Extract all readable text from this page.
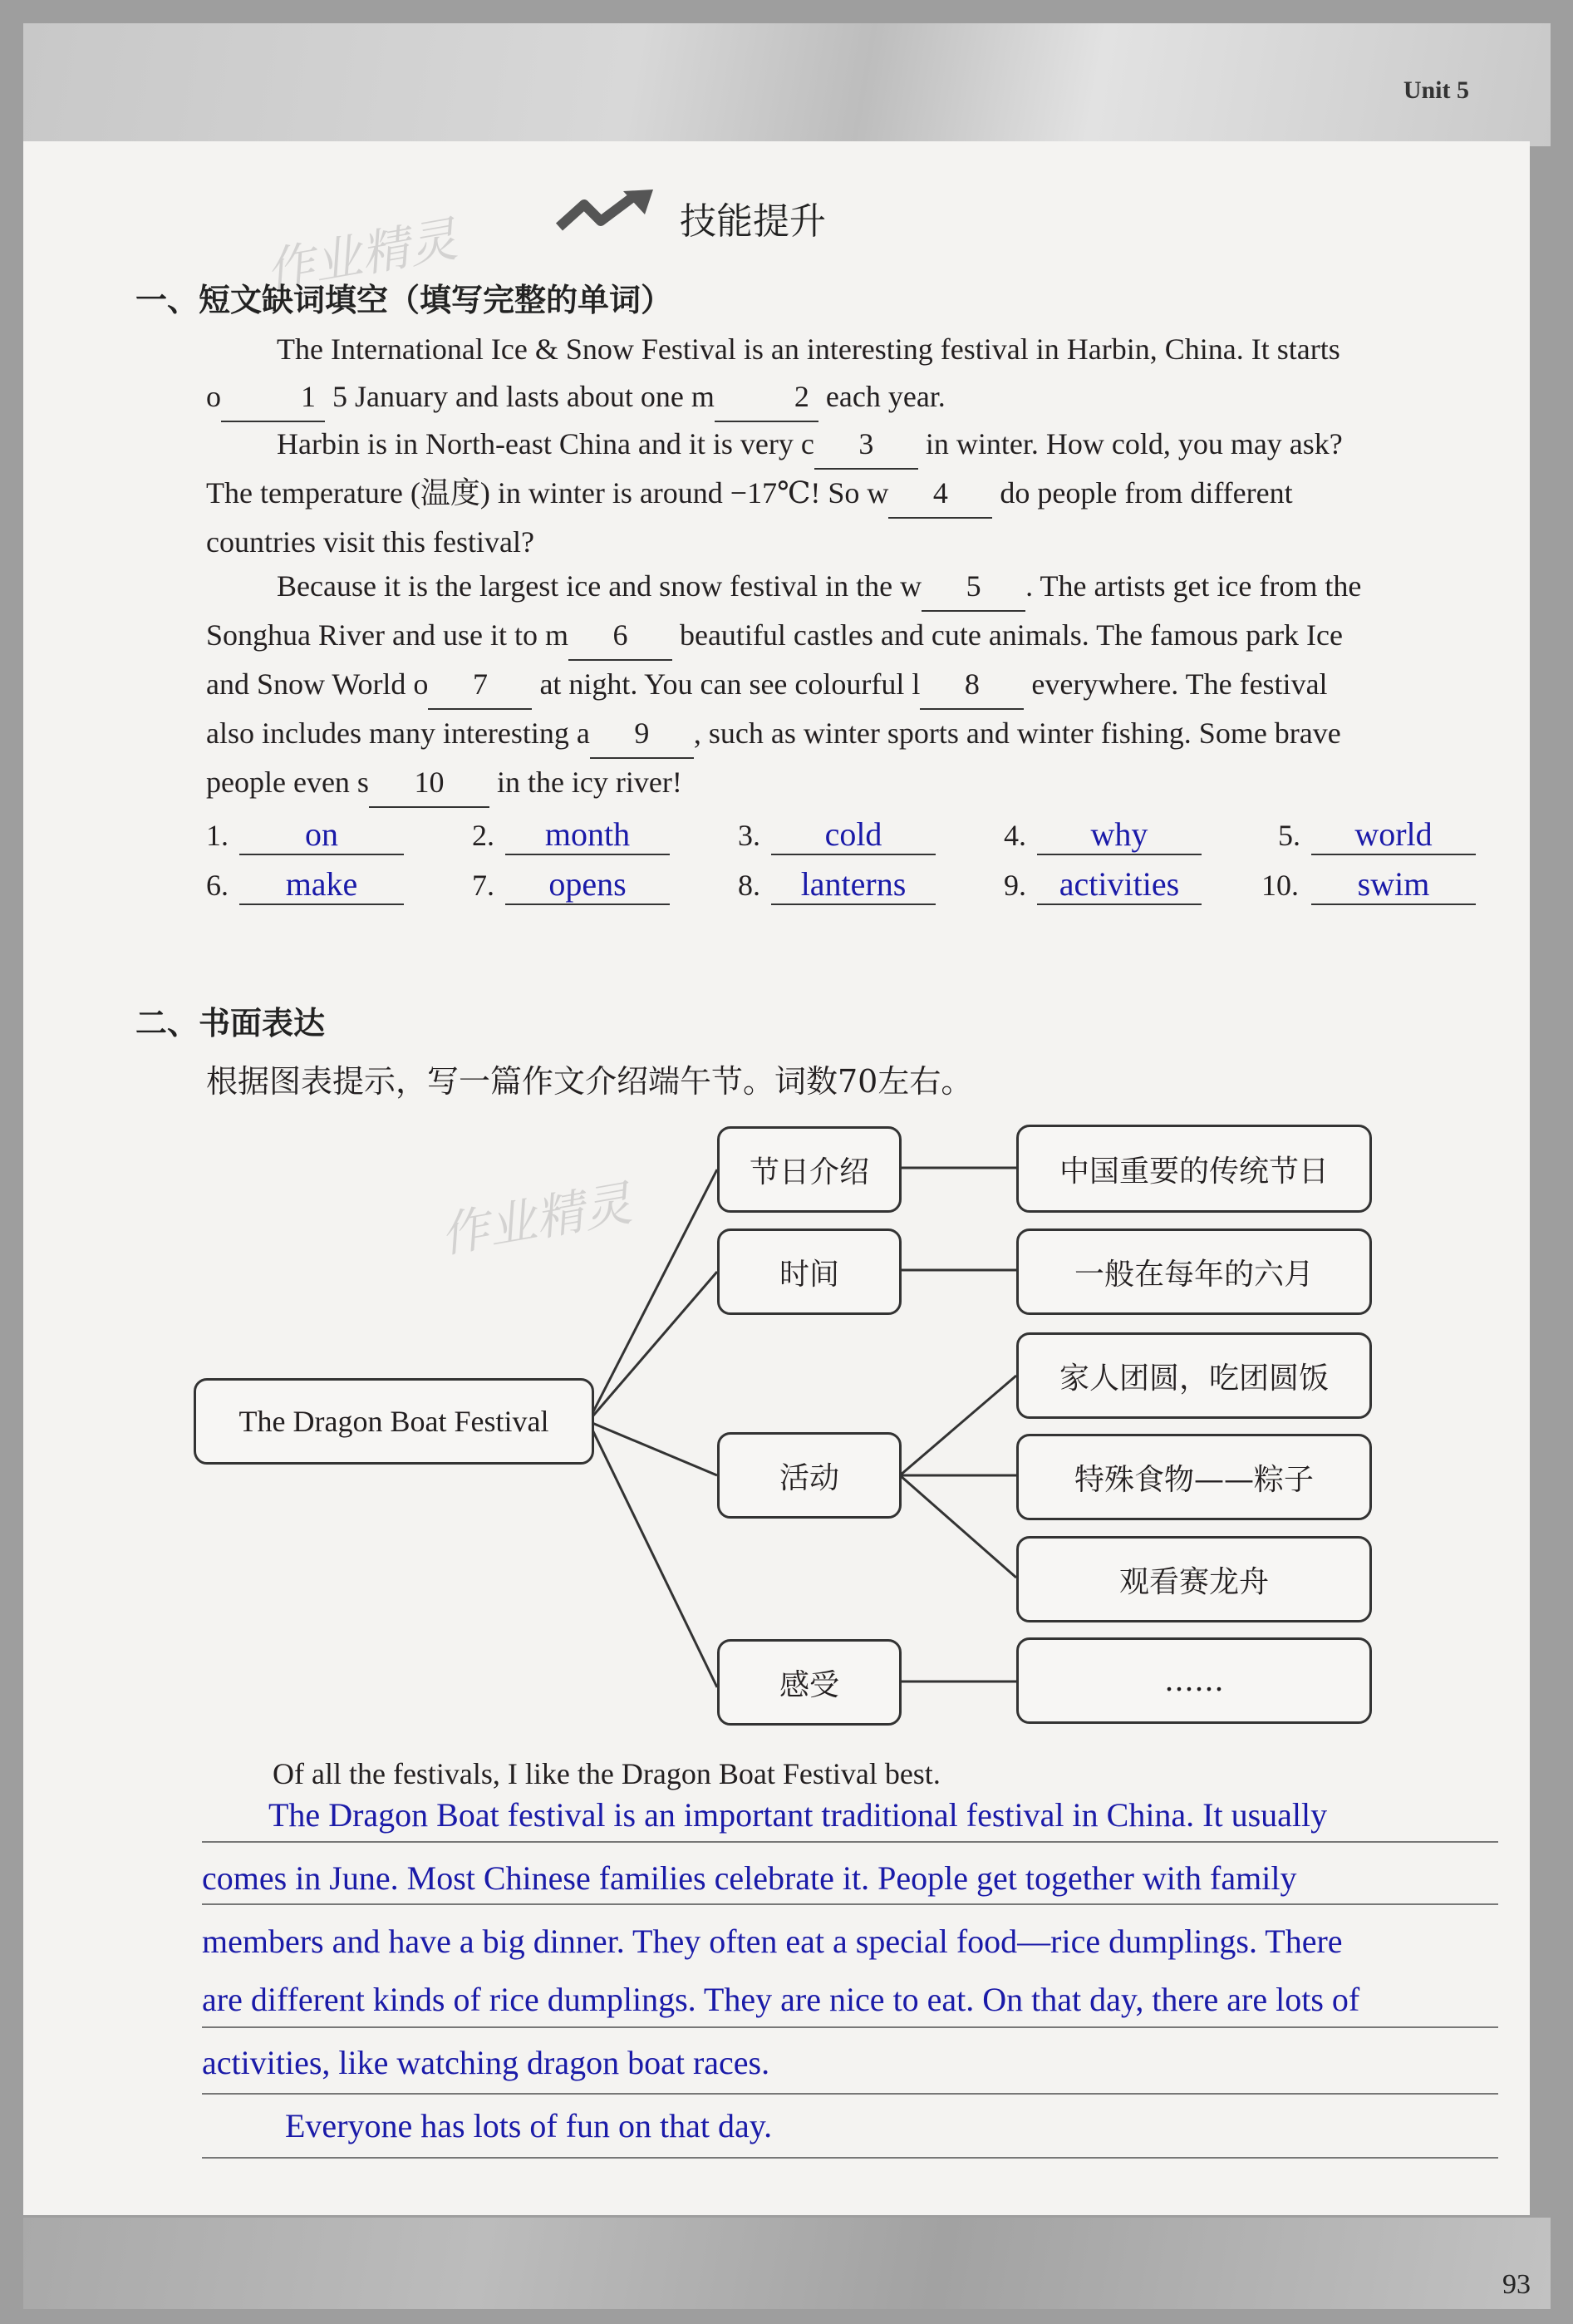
Unit 5
技能提升
作业精灵
一、短文缺词填空（填写完整的单词）
The International Ice & Snow Festival is an interesting festival in Harbin, China. It starts
o	1 5 January and lasts about one m	2 each year.
Harbin is in North-east China and it is very c 3 in winter. How cold, you may ask?
The temperature (温度) in winter is around −17℃! So w 4 do people from different
countries visit this festival?
Because it is the largest ice and snow festival in the w 5 . The artists get ice from the
Songhua River and use it to m 6 beautiful castles and cute animals. The famous park Ice
and Snow World o 7 at night. You can see colourful l 8 everywhere. The festival
also includes many interesting a 9 , such as winter sports and winter fishing. Some brave
people even s 10 in the icy river!
1. on	2. month	3. cold	4. why	5. world
6. make	7. opens	8. lanterns	9. activities	10. swim
二、书面表达
根据图表提示，写一篇作文介绍端午节。词数70左右。
作业精灵
The Dragon Boat Festival
节日介绍
时间
活动
感受
中国重要的传统节日
一般在每年的六月
家人团圆，吃团圆饭
特殊食物——粽子
观看赛龙舟
……
Of all the festivals, I like the Dragon Boat Festival best.
The Dragon Boat festival is an important traditional festival in China. It usually
comes in June. Most Chinese families celebrate it. People get together with family
members and have a big dinner. They often eat a special food—rice dumplings. There
are different kinds of rice dumplings. They are nice to eat. On that day, there are lots of
activities, like watching dragon boat races.
Everyone has lots of fun on that day.
93
